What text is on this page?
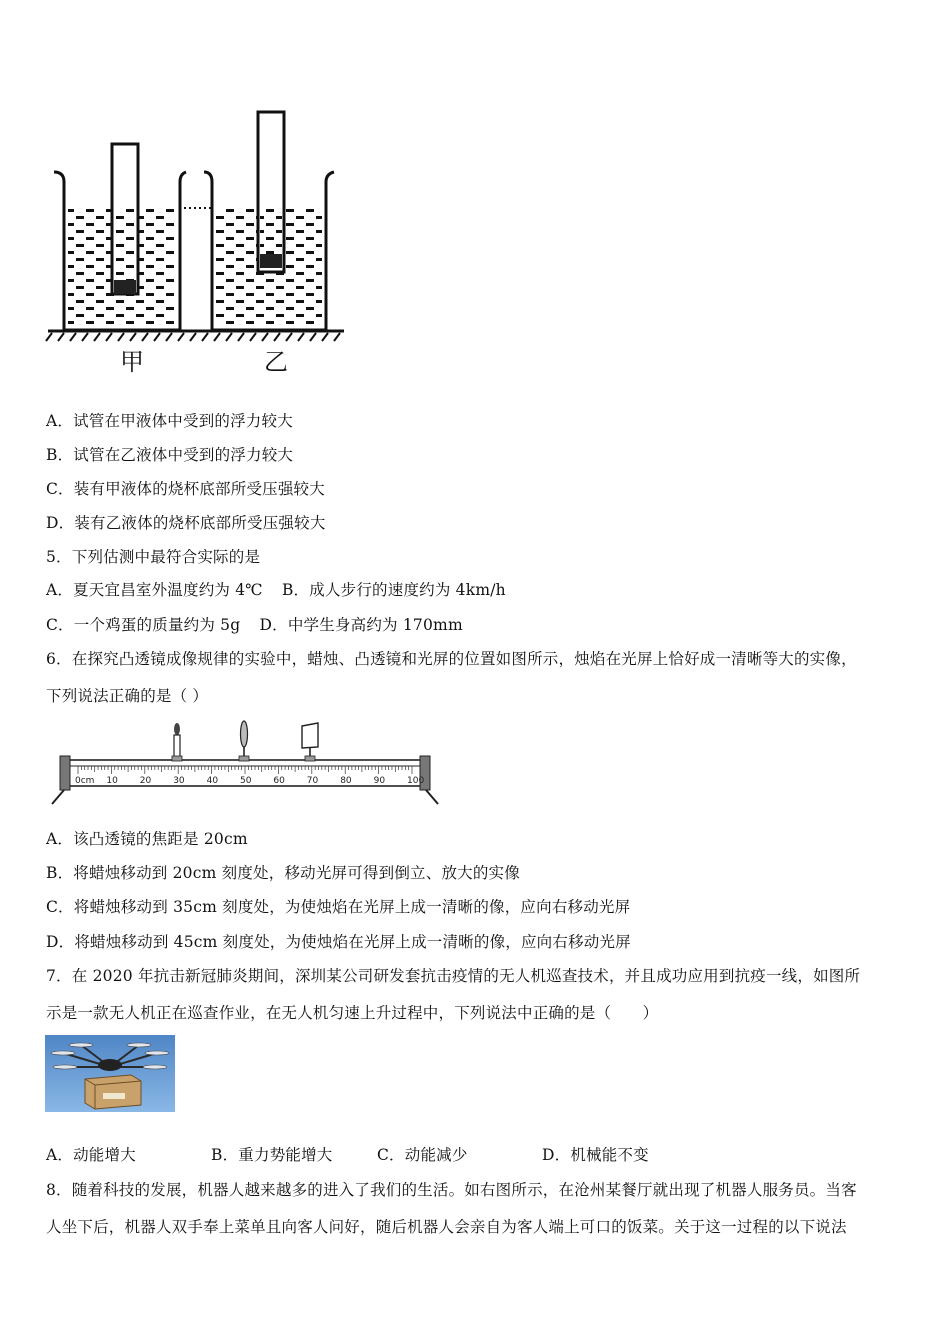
甲	乙
A．试管在甲液体中受到的浮力较大
B．试管在乙液体中受到的浮力较大
C．装有甲液体的烧杯底部所受压强较大
D．装有乙液体的烧杯底部所受压强较大
5．下列估测中最符合实际的是
A．夏天宜昌室外温度约为 4℃ B．成人步行的速度约为 4km/h
C．一个鸡蛋的质量约为 5g D．中学生身高约为 170mm
6．在探究凸透镜成像规律的实验中，蜡烛、凸透镜和光屏的位置如图所示，烛焰在光屏上恰好成一清晰等大的实像，
下列说法正确的是（ ）
0cm 10 20 30 40 50 60 70 80 90 100
A．该凸透镜的焦距是 20cm
B．将蜡烛移动到 20cm 刻度处，移动光屏可得到倒立、放大的实像
C．将蜡烛移动到 35cm 刻度处，为使烛焰在光屏上成一清晰的像，应向右移动光屏
D．将蜡烛移动到 45cm 刻度处，为使烛焰在光屏上成一清晰的像，应向右移动光屏
7．在 2020 年抗击新冠肺炎期间，深圳某公司研发套抗击疫情的无人机巡查技术，并且成功应用到抗疫一线，如图所
示是一款无人机正在巡查作业，在无人机匀速上升过程中，下列说法中正确的是（　　）
A．动能增大	B．重力势能增大	C．动能减少	D．机械能不变
8．随着科技的发展，机器人越来越多的进入了我们的生活。如右图所示，在沧州某餐厅就出现了机器人服务员。当客
人坐下后，机器人双手奉上菜单且向客人问好，随后机器人会亲自为客人端上可口的饭菜。关于这一过程的以下说法
